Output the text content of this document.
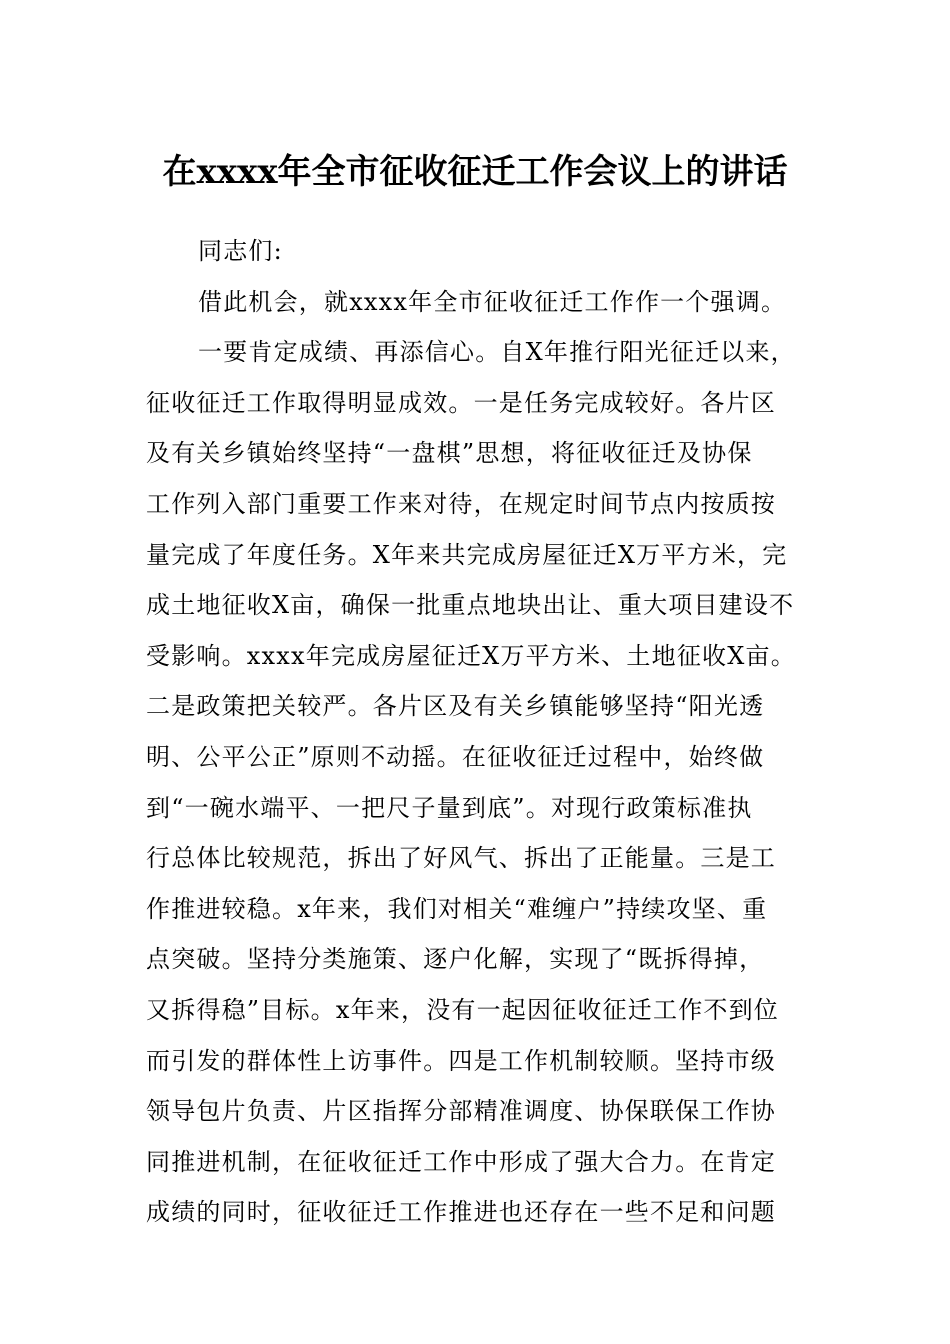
在xxxx年全市征收征迁工作会议上的讲话
同志们:
借此机会，就xxxx年全市征收征迁工作作一个强调。
一要肯定成绩、再添信心。自X年推行阳光征迁以来，
征收征迁工作取得明显成效。一是任务完成较好。各片区
及有关乡镇始终坚持“一盘棋”思想，将征收征迁及协保
工作列入部门重要工作来对待，在规定时间节点内按质按
量完成了年度任务。X年来共完成房屋征迁X万平方米，完
成土地征收X亩，确保一批重点地块出让、重大项目建设不
受影响。xxxx年完成房屋征迁X万平方米、土地征收X亩。
二是政策把关较严。各片区及有关乡镇能够坚持“阳光透
明、公平公正”原则不动摇。在征收征迁过程中，始终做
到“一碗水端平、一把尺子量到底”。对现行政策标准执
行总体比较规范，拆出了好风气、拆出了正能量。三是工
作推进较稳。x年来，我们对相关“难缠户”持续攻坚、重
点突破。坚持分类施策、逐户化解，实现了“既拆得掉，
又拆得稳”目标。x年来，没有一起因征收征迁工作不到位
而引发的群体性上访事件。四是工作机制较顺。坚持市级
领导包片负责、片区指挥分部精准调度、协保联保工作协
同推进机制，在征收征迁工作中形成了强大合力。在肯定
成绩的同时，征收征迁工作推进也还存在一些不足和问题
